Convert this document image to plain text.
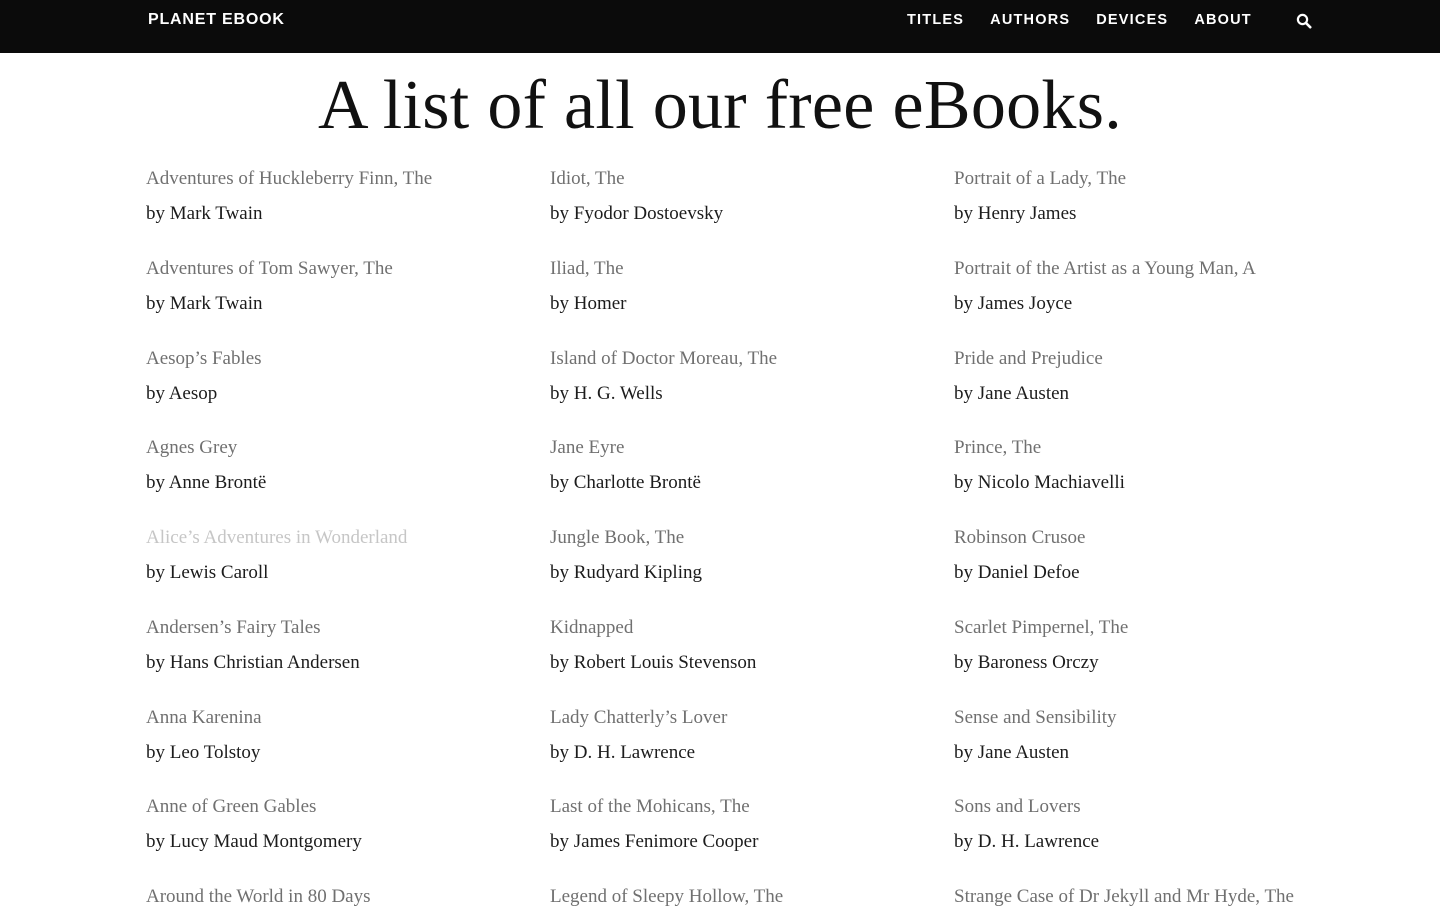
PLANET EBOOK	TITLES AUTHORS DEVICES ABOUT
A list of all our free eBooks.
Adventures of Huckleberry Finn, The
by Mark Twain
Adventures of Tom Sawyer, The
by Mark Twain
Aesop’s Fables
by Aesop
Agnes Grey
by Anne Brontë
Alice’s Adventures in Wonderland
by Lewis Caroll
Andersen’s Fairy Tales
by Hans Christian Andersen
Anna Karenina
by Leo Tolstoy
Anne of Green Gables
by Lucy Maud Montgomery
Around the World in 80 Days
Idiot, The
by Fyodor Dostoevsky
Iliad, The
by Homer
Island of Doctor Moreau, The
by H. G. Wells
Jane Eyre
by Charlotte Brontë
Jungle Book, The
by Rudyard Kipling
Kidnapped
by Robert Louis Stevenson
Lady Chatterly’s Lover
by D. H. Lawrence
Last of the Mohicans, The
by James Fenimore Cooper
Legend of Sleepy Hollow, The
Portrait of a Lady, The
by Henry James
Portrait of the Artist as a Young Man, A
by James Joyce
Pride and Prejudice
by Jane Austen
Prince, The
by Nicolo Machiavelli
Robinson Crusoe
by Daniel Defoe
Scarlet Pimpernel, The
by Baroness Orczy
Sense and Sensibility
by Jane Austen
Sons and Lovers
by D. H. Lawrence
Strange Case of Dr Jekyll and Mr Hyde, The
